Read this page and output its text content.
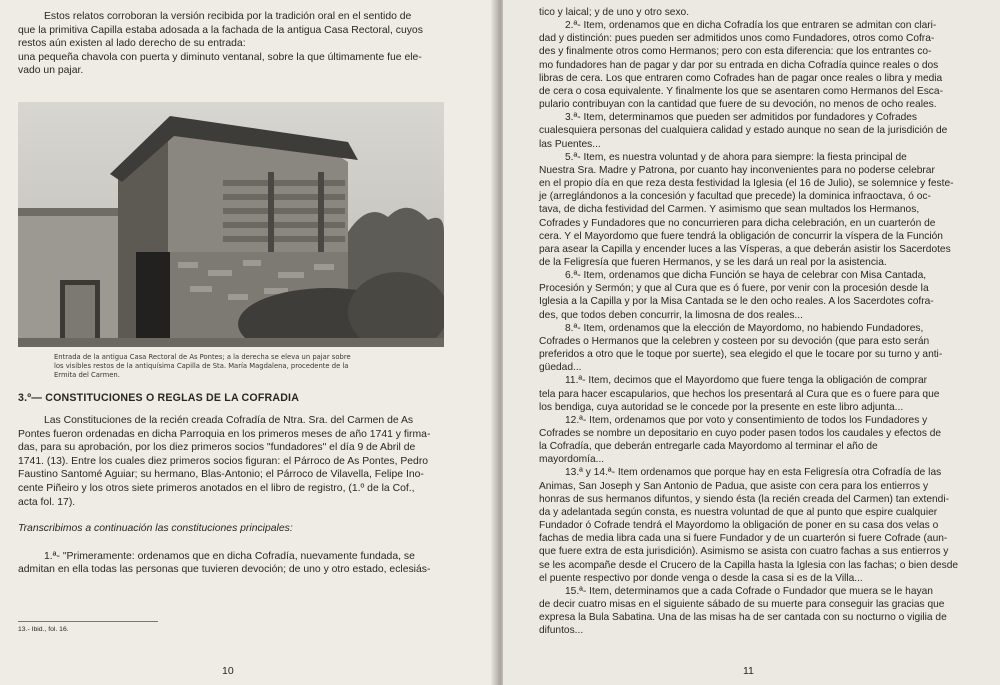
Estos relatos corroboran la versión recibida por la tradición oral en el sentido de

que la primitiva Capilla estaba adosada a la fachada de la antigua Casa Rectoral, cuyos

restos aún existen al lado derecho de su entrada:

una pequeña chavola con puerta y diminuto ventanal, sobre la que últimamente fue ele-

vado un pajar.

Entrada de la antigua Casa Rectoral de As Pontes; a la derecha se eleva un pajar sobre
los visibles restos de la antiquísima Capilla de Sta. María Magdalena, procedente de la
Ermita del Carmen.
3.º— CONSTITUCIONES O REGLAS DE LA COFRADIA

Las Constituciones de la recién creada Cofradía de Ntra. Sra. del Carmen de As

Pontes fueron ordenadas en dicha Parroquia en los primeros meses de año 1741 y firma-

das, para su aprobación, por los diez primeros socios "fundadores" el día 9 de Abril de

1741. (13). Entre los cuales diez primeros socios figuran: el Párroco de As Pontes, Pedro

Faustino Santomé Aguiar; su hermano, Blas-Antonio; el Párroco de Vilavella, Felipe Ino-

cente Piñeiro y los otros siete primeros anotados en el libro de registro, (1.º de la Cof.,

acta fol. 17).

Transcribimos a continuación las constituciones principales:

1.ª- "Primeramente: ordenamos que en dicha Cofradía, nuevamente fundada, se

admitan en ella todas las personas que tuvieren devoción; de uno y otro estado, eclesiás-

13.- Ibid., fol. 16.
10

tico y laical; y de uno y otro sexo.

2.ª- Item, ordenamos que en dicha Cofradía los que entraren se admitan con clari-

dad y distinción: pues pueden ser admitidos unos como Fundadores, otros como Cofra-

des y finalmente otros como Hermanos; pero con esta diferencia: que los entrantes co-

mo fundadores han de pagar y dar por su entrada en dicha Cofradía quince reales o dos

libras de cera. Los que entraren como Cofrades han de pagar once reales o libra y media

de cera o cosa equivalente. Y finalmente los que se asentaren como Hermanos del Esca-

pulario contribuyan con la cantidad que fuere de su devoción, no menos de ocho reales.

3.ª- Item, determinamos que pueden ser admitidos por fundadores y Cofrades

cualesquiera personas del cualquiera calidad y estado aunque no sean de la jurisdición de

las Puentes...

5.ª- Item, es nuestra voluntad y de ahora para siempre: la fiesta principal de

Nuestra Sra. Madre y Patrona, por cuanto hay inconvenientes para no poderse celebrar

en el propio día en que reza desta festividad la Iglesia (el 16 de Julio), se solemnice y feste-

je (arreglándonos a la concesión y facultad que precede) la dominica infraoctava, ó oc-

tava, de dicha festividad del Carmen. Y asimismo que sean multados los Hermanos,

Cofrades y Fundadores que no concurrieren para dicha celebración, en un cuarterón de

cera. Y el Mayordomo que fuere tendrá la obligación de concurrir la víspera de la Función

para asear la Capilla y encender luces a las Vísperas, a que deberán asistir los Sacerdotes

de la Feligresía que fueren Hermanos, y se les dará un real por la asistencia.

6.ª- Item, ordenamos que dicha Función se haya de celebrar con Misa Cantada,

Procesión y Sermón; y que al Cura que es ó fuere, por venir con la procesión desde la

Iglesia a la Capilla y por la Misa Cantada se le den ocho reales. A los Sacerdotes cofra-

des, que todos deben concurrir, la limosna de dos reales...

8.ª- Item, ordenamos que la elección de Mayordomo, no habiendo Fundadores,

Cofrades o Hermanos que la celebren y costeen por su devoción (que para esto serán

preferidos a otro que le toque por suerte), sea elegido el que le tocare por su turno y anti-

güedad...

11.ª- Item, decimos que el Mayordomo que fuere tenga la obligación de comprar

tela para hacer escapularios, que hechos los presentará al Cura que es o fuere para que

los bendiga, cuya autoridad se le concede por la presente en este libro adjunta...

12.ª- Item, ordenamos que por voto y consentimiento de todos los Fundadores y

Cofrades se nombre un depositario en cuyo poder pasen todos los caudales y efectos de

la Cofradía, que deberán entregarle cada Mayordomo al terminar el año de

mayordomía...

13.ª y 14.ª- Item ordenamos que porque hay en esta Feligresía otra Cofradía de las

Animas, San Joseph y San Antonio de Padua, que asiste con cera para los entierros y

honras de sus hermanos difuntos, y siendo ésta (la recién creada del Carmen) tan extendi-

da y adelantada según consta, es nuestra voluntad de que al punto que espire cualquier

Fundador ó Cofrade tendrá el Mayordomo la obligación de poner en su casa dos velas o

fachas de media libra cada una si fuere Fundador y de un cuarterón si fuere Cofrade (aun-

que fuere extra de esta jurisdición). Asimismo se asista con cuatro fachas a sus entierros y

se les acompañe desde el Crucero de la Capilla hasta la Iglesia con las fachas; o bien desde

el puente respectivo por donde venga o desde la casa si es de la Villa...

15.ª- Item, determinamos que a cada Cofrade o Fundador que muera se le hayan

de decir cuatro misas en el siguiente sábado de su muerte para conseguir las gracias que

expresa la Bula Sabatina. Una de las misas ha de ser cantada con su nocturno o vigilia de

difuntos...

11
